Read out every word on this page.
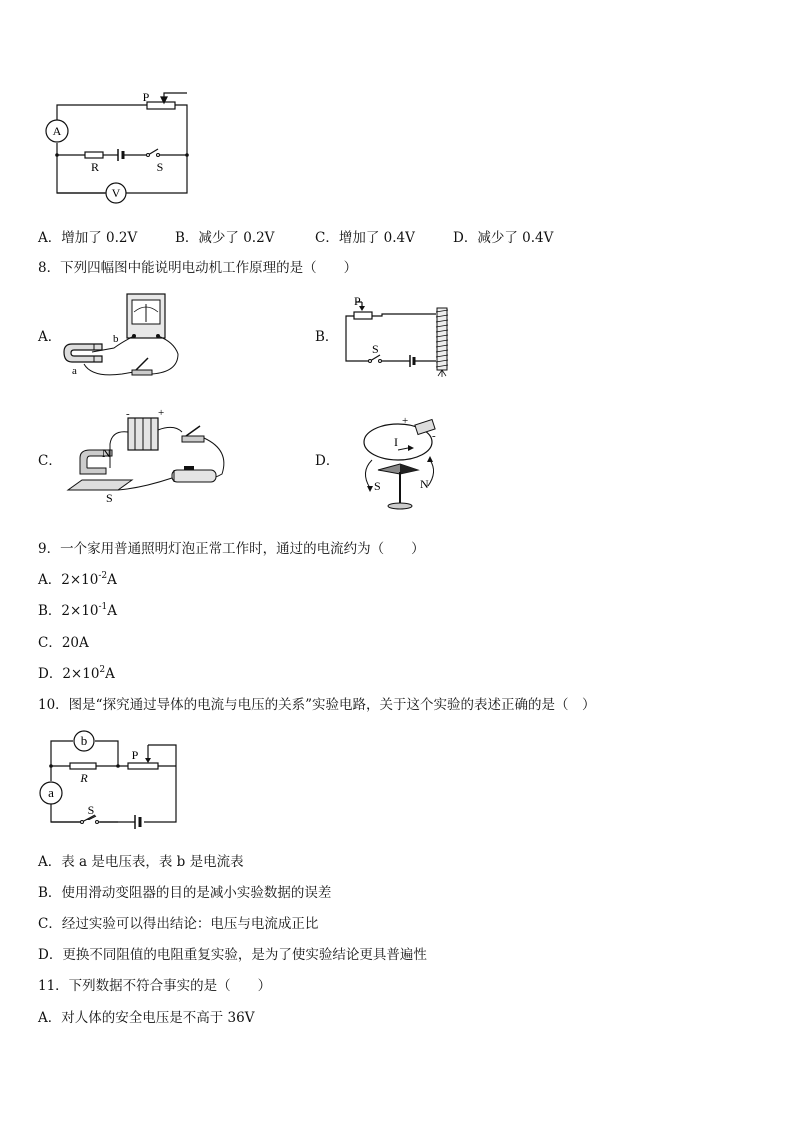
P
A
R	S
V
A．增加了 0.2V	B．减少了 0.2V	C．增加了 0.4V	D．减少了 0.4V
8．下列四幅图中能说明电动机工作原理的是（　　）
A．	b
a
B．
P
S
C．
-	+
N
S
D．
+
-
I
S	N
9．一个家用普通照明灯泡正常工作时，通过的电流约为（　　）
A．$2\times 10^{-2}A$
B．$2\times 10^{-1}A$
C．20A
D．$2\times 10^2A$
10．图是“探究通过导体的电流与电压的关系”实验电路，关于这个实验的表述正确的是（　）
b
a
R
P
S
A．表 a 是电压表，表 b 是电流表
B．使用滑动变阻器的目的是减小实验数据的误差
C．经过实验可以得出结论：电压与电流成正比
D．更换不同阻值的电阻重复实验，是为了使实验结论更具普遍性
11．下列数据不符合事实的是（　　）
A．对人体的安全电压是不高于 36V
